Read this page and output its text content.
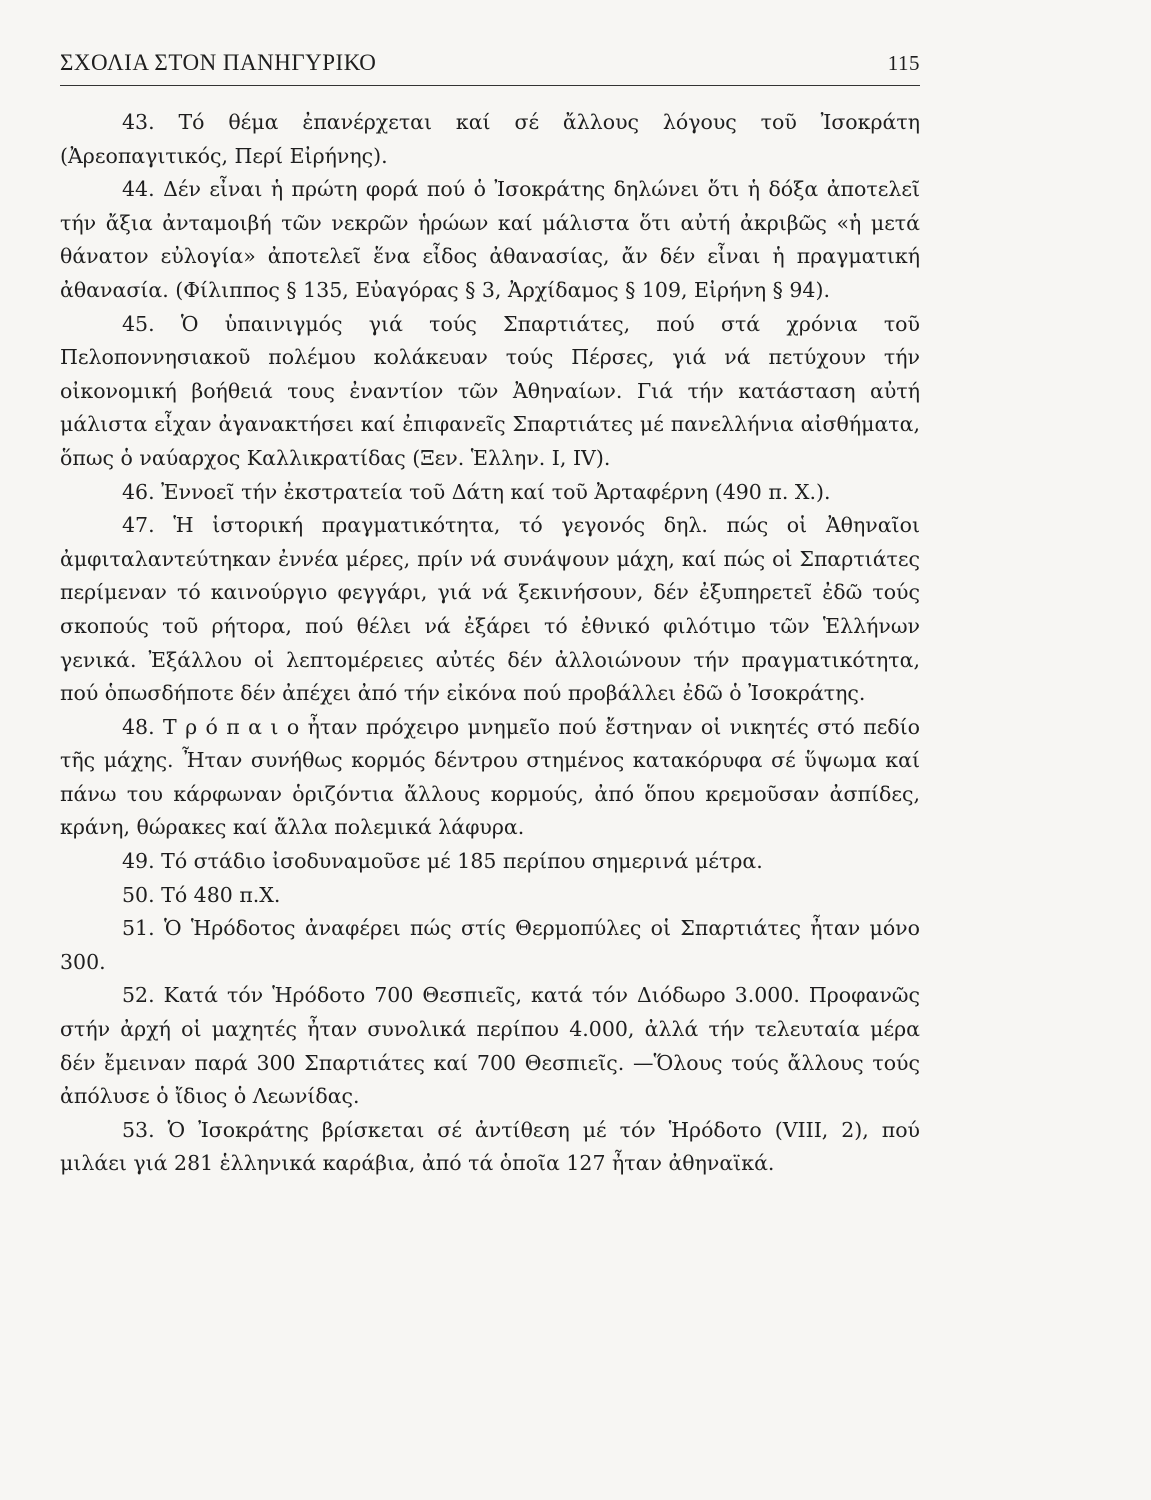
ΣΧΟΛΙΑ ΣΤΟΝ ΠΑΝΗΓΥΡΙΚΟ	115

43. Τό θέμα ἐπανέρχεται καί σέ ἄλλους λόγους τοῦ Ἰσοκράτη (Ἀρεοπαγιτικός, Περί Εἰρήνης).

44. Δέν εἶναι ἡ πρώτη φορά πού ὁ Ἰσοκράτης δηλώνει ὅτι ἡ δόξα ἀποτελεῖ τήν ἄξια ἀνταμοιβή τῶν νεκρῶν ἡρώων καί μάλιστα ὅτι αὐτή ἀκριβῶς «ἡ μετά θάνατον εὐλογία» ἀποτελεῖ ἕνα εἶδος ἀθανασίας, ἄν δέν εἶναι ἡ πραγματική ἀθανασία. (Φίλιππος § 135, Εὐαγόρας § 3, Ἀρχίδαμος § 109, Εἰρήνη § 94).

45. Ὁ ὑπαινιγμός γιά τούς Σπαρτιάτες, πού στά χρόνια τοῦ Πελοποννησιακοῦ πολέμου κολάκευαν τούς Πέρσες, γιά νά πετύχουν τήν οἰκονομική βοήθειά τους ἐναντίον τῶν Ἀθηναίων. Γιά τήν κατάσταση αὐτή μάλιστα εἶχαν ἀγανακτήσει καί ἐπιφανεῖς Σπαρτιάτες μέ πανελλήνια αἰσθήματα, ὅπως ὁ ναύαρχος Καλλικρατίδας (Ξεν. Ἑλλην. Ι, IV).

46. Ἐννοεῖ τήν ἐκστρατεία τοῦ Δάτη καί τοῦ Ἀρταφέρνη (490 π. Χ.).

47. Ἡ ἱστορική πραγματικότητα, τό γεγονός δηλ. πώς οἱ Ἀθηναῖοι ἀμφιταλαντεύτηκαν ἐννέα μέρες, πρίν νά συνάψουν μάχη, καί πώς οἱ Σπαρτιάτες περίμεναν τό καινούργιο φεγγάρι, γιά νά ξεκινήσουν, δέν ἐξυπηρετεῖ ἐδῶ τούς σκοπούς τοῦ ρήτορα, πού θέλει νά ἐξάρει τό ἐθνικό φιλότιμο τῶν Ἑλλήνων γενικά. Ἐξάλλου οἱ λεπτομέρειες αὐτές δέν ἀλλοιώνουν τήν πραγματικότητα, πού ὁπωσδήποτε δέν ἀπέχει ἀπό τήν εἰκόνα πού προβάλλει ἐδῶ ὁ Ἰσοκράτης.

48. Τ ρ ό π α ι ο ἦταν πρόχειρο μνημεῖο πού ἔστηναν οἱ νικητές στό πεδίο τῆς μάχης. Ἦταν συνήθως κορμός δέντρου στημένος κατακόρυφα σέ ὕψωμα καί πάνω του κάρφωναν ὁριζόντια ἄλλους κορμούς, ἀπό ὅπου κρεμοῦσαν ἀσπίδες, κράνη, θώρακες καί ἄλλα πολεμικά λάφυρα.

49. Τό στάδιο ἰσοδυναμοῦσε μέ 185 περίπου σημερινά μέτρα.

50. Τό 480 π.Χ.

51. Ὁ Ἡρόδοτος ἀναφέρει πώς στίς Θερμοπύλες οἱ Σπαρτιάτες ἦταν μόνο 300.

52. Κατά τόν Ἡρόδοτο 700 Θεσπιεῖς, κατά τόν Διόδωρο 3.000. Προφανῶς στήν ἀρχή οἱ μαχητές ἦταν συνολικά περίπου 4.000, ἀλλά τήν τελευταία μέρα δέν ἔμειναν παρά 300 Σπαρτιάτες καί 700 Θεσπιεῖς. —Ὅλους τούς ἄλλους τούς ἀπόλυσε ὁ ἴδιος ὁ Λεωνίδας.

53. Ὁ Ἰσοκράτης βρίσκεται σέ ἀντίθεση μέ τόν Ἡρόδοτο (VIII, 2), πού μιλάει γιά 281 ἑλληνικά καράβια, ἀπό τά ὁποῖα 127 ἦταν ἀθηναϊκά.
